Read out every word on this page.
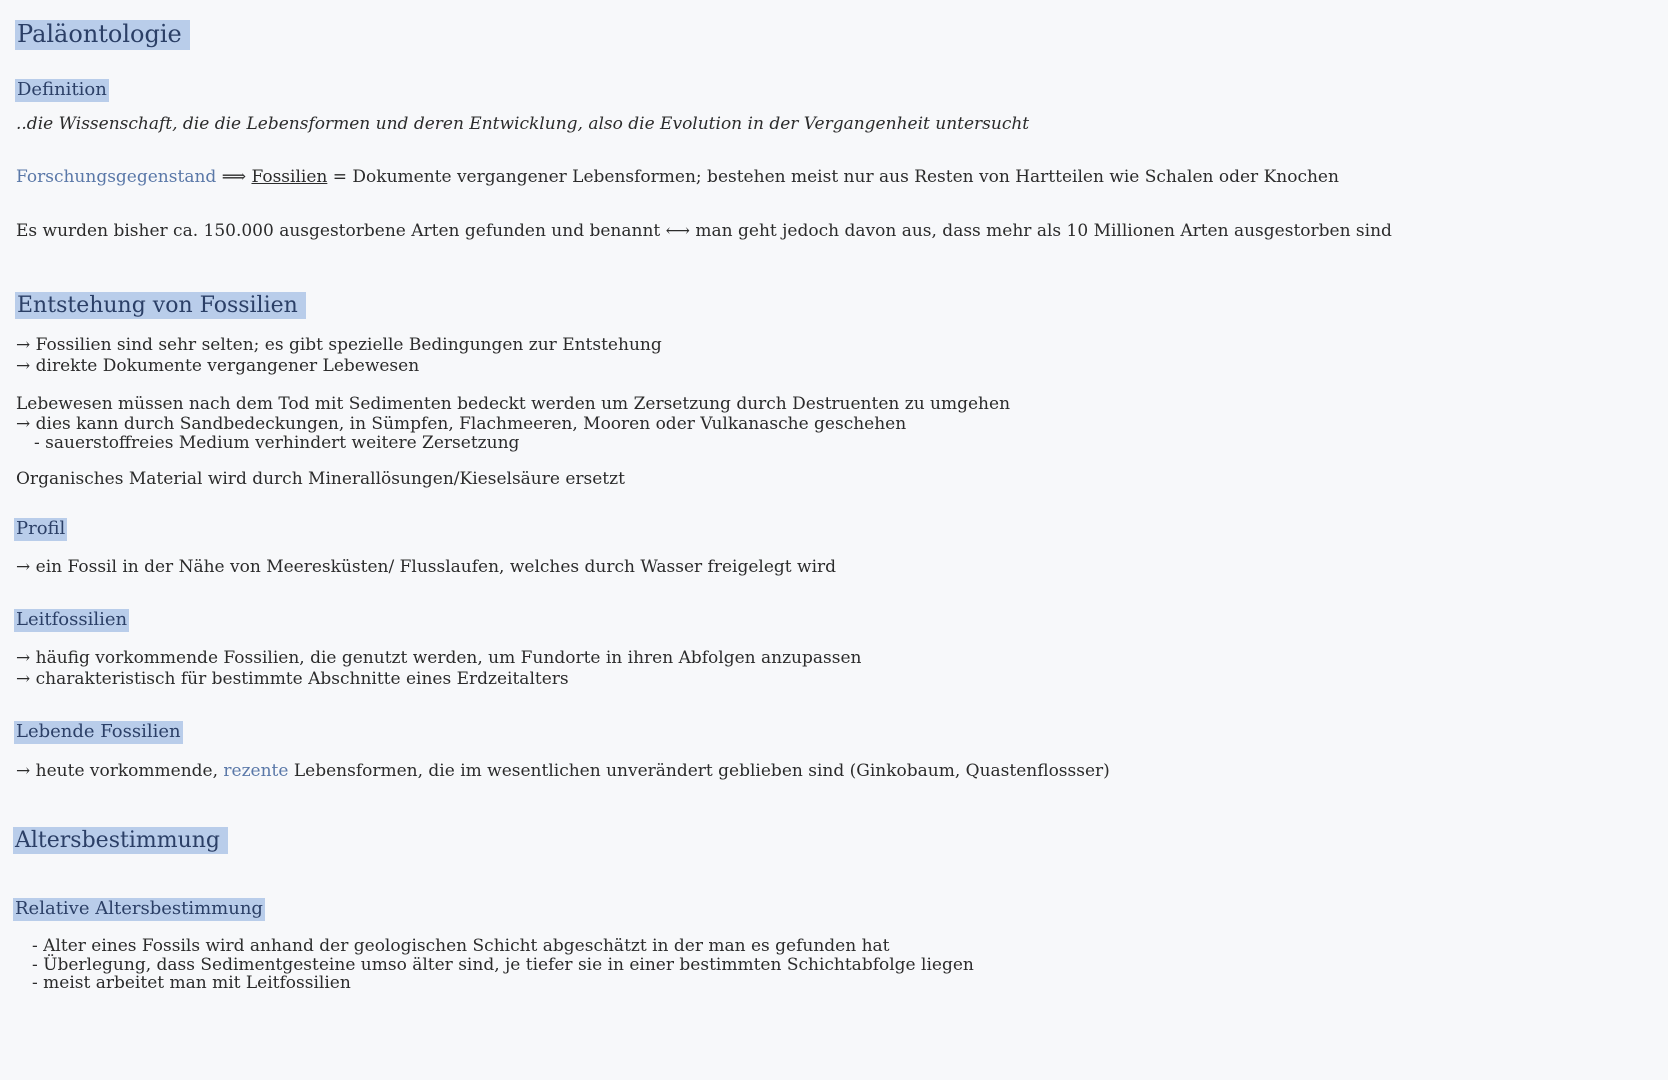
Paläontologie
Definition
..die Wissenschaft, die die Lebensformen und deren Entwicklung, also die Evolution in der Vergangenheit untersucht
Forschungsgegenstand ⟹ Fossilien = Dokumente vergangener Lebensformen; bestehen meist nur aus Resten von Hartteilen wie Schalen oder Knochen
Es wurden bisher ca. 150.000 ausgestorbene Arten gefunden und benannt ⟷ man geht jedoch davon aus, dass mehr als 10 Millionen Arten ausgestorben sind
Entstehung von Fossilien
→ Fossilien sind sehr selten; es gibt spezielle Bedingungen zur Entstehung
→ direkte Dokumente vergangener Lebewesen
Lebewesen müssen nach dem Tod mit Sedimenten bedeckt werden um Zersetzung durch Destruenten zu umgehen
→ dies kann durch Sandbedeckungen, in Sümpfen, Flachmeeren, Mooren oder Vulkanasche geschehen
- sauerstoffreies Medium verhindert weitere Zersetzung
Organisches Material wird durch Minerallösungen/Kieselsäure ersetzt
Profil
→ ein Fossil in der Nähe von Meeresküsten/ Flusslaufen, welches durch Wasser freigelegt wird
Leitfossilien
→ häufig vorkommende Fossilien, die genutzt werden, um Fundorte in ihren Abfolgen anzupassen
→ charakteristisch für bestimmte Abschnitte eines Erdzeitalters
Lebende Fossilien
→ heute vorkommende, rezente Lebensformen, die im wesentlichen unverändert geblieben sind (Ginkobaum, Quastenflossser)
Altersbestimmung
Relative Altersbestimmung
- Alter eines Fossils wird anhand der geologischen Schicht abgeschätzt in der man es gefunden hat
- Überlegung, dass Sedimentgesteine umso älter sind, je tiefer sie in einer bestimmten Schichtabfolge liegen
- meist arbeitet man mit Leitfossilien
